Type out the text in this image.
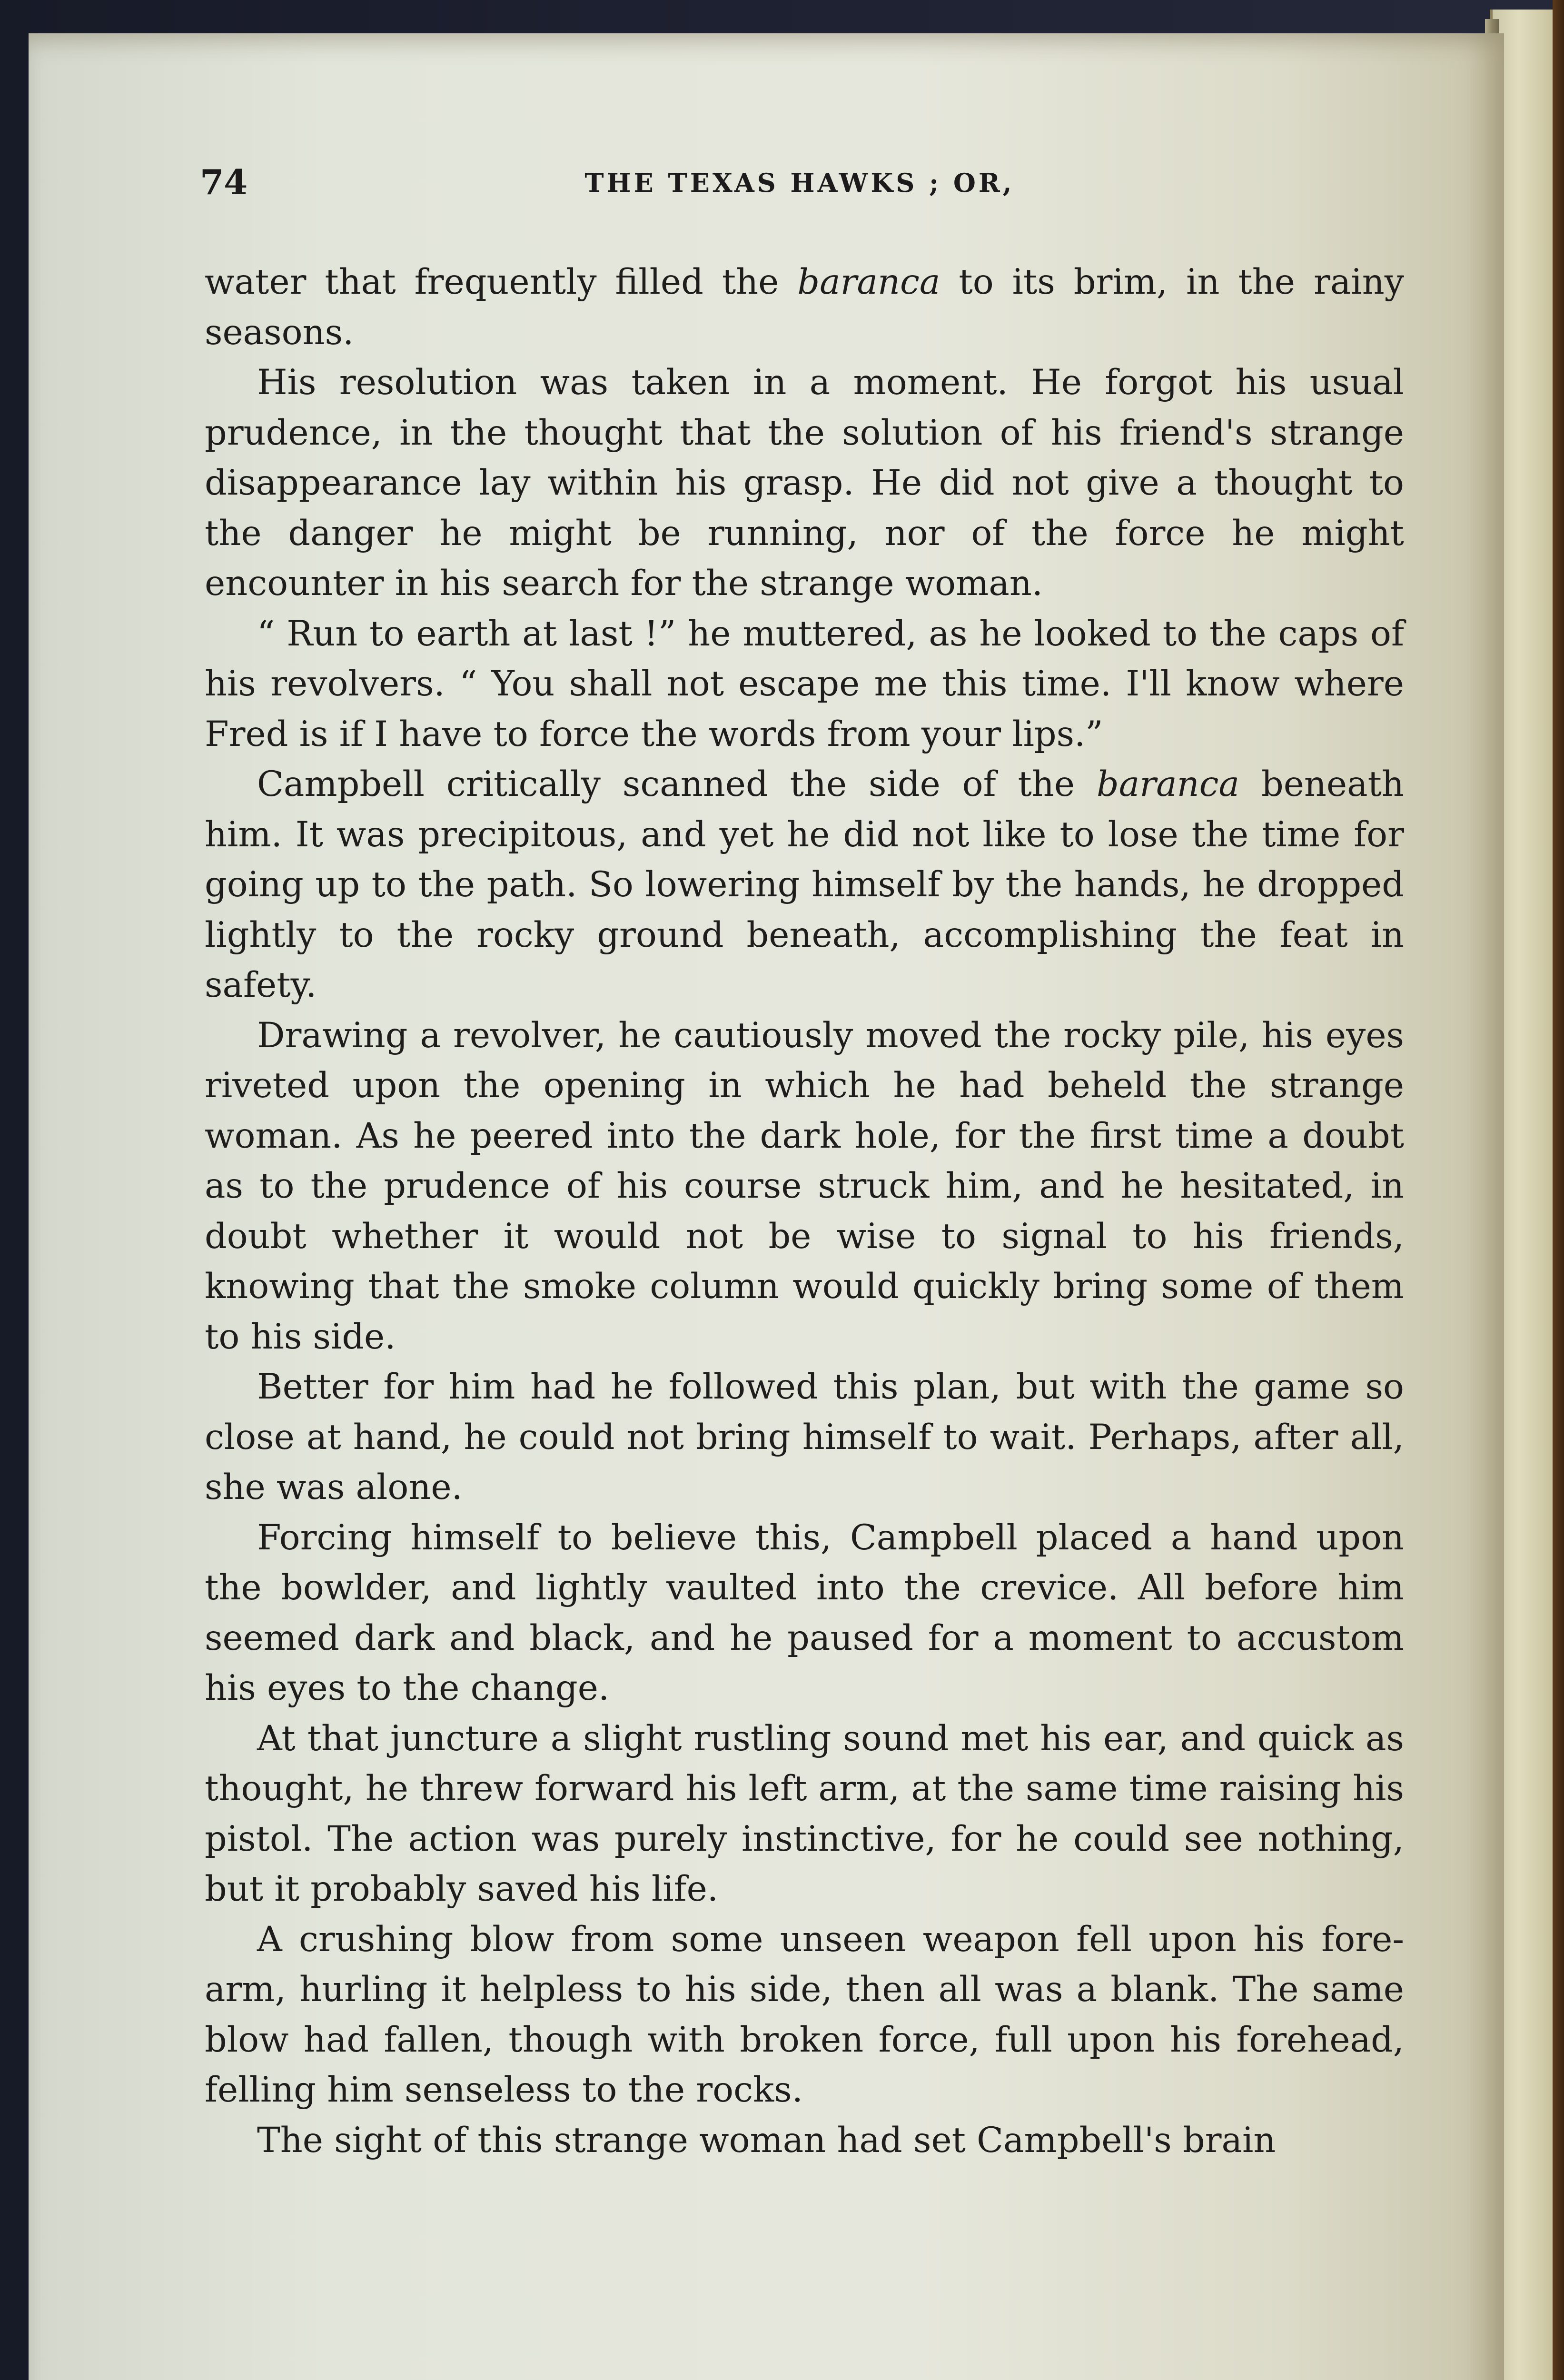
74	THE TEXAS HAWKS ; OR,

water that frequently filled the baranca to its brim, in the rainy seasons.

His resolution was taken in a moment. He forgot his usual prudence, in the thought that the solution of his friend's strange disappearance lay within his grasp. He did not give a thought to the danger he might be running, nor of the force he might encounter in his search for the strange woman.

“ Run to earth at last !” he muttered, as he looked to the caps of his revolvers. “ You shall not escape me this time. I'll know where Fred is if I have to force the words from your lips.”

Campbell critically scanned the side of the baranca beneath him. It was precipitous, and yet he did not like to lose the time for going up to the path. So lowering himself by the hands, he dropped lightly to the rocky ground beneath, accomplishing the feat in safety.

Drawing a revolver, he cautiously moved the rocky pile, his eyes riveted upon the opening in which he had beheld the strange woman. As he peered into the dark hole, for the first time a doubt as to the prudence of his course struck him, and he hesitated, in doubt whether it would not be wise to signal to his friends, knowing that the smoke column would quickly bring some of them to his side.

Better for him had he followed this plan, but with the game so close at hand, he could not bring himself to wait. Perhaps, after all, she was alone.

Forcing himself to believe this, Campbell placed a hand upon the bowlder, and lightly vaulted into the crevice. All before him seemed dark and black, and he paused for a moment to accustom his eyes to the change.

At that juncture a slight rustling sound met his ear, and quick as thought, he threw forward his left arm, at the same time raising his pistol. The action was purely instinctive, for he could see nothing, but it probably saved his life.

A crushing blow from some unseen weapon fell upon his fore-arm, hurling it helpless to his side, then all was a blank. The same blow had fallen, though with broken force, full upon his forehead, felling him senseless to the rocks.

The sight of this strange woman had set Campbell's brain
